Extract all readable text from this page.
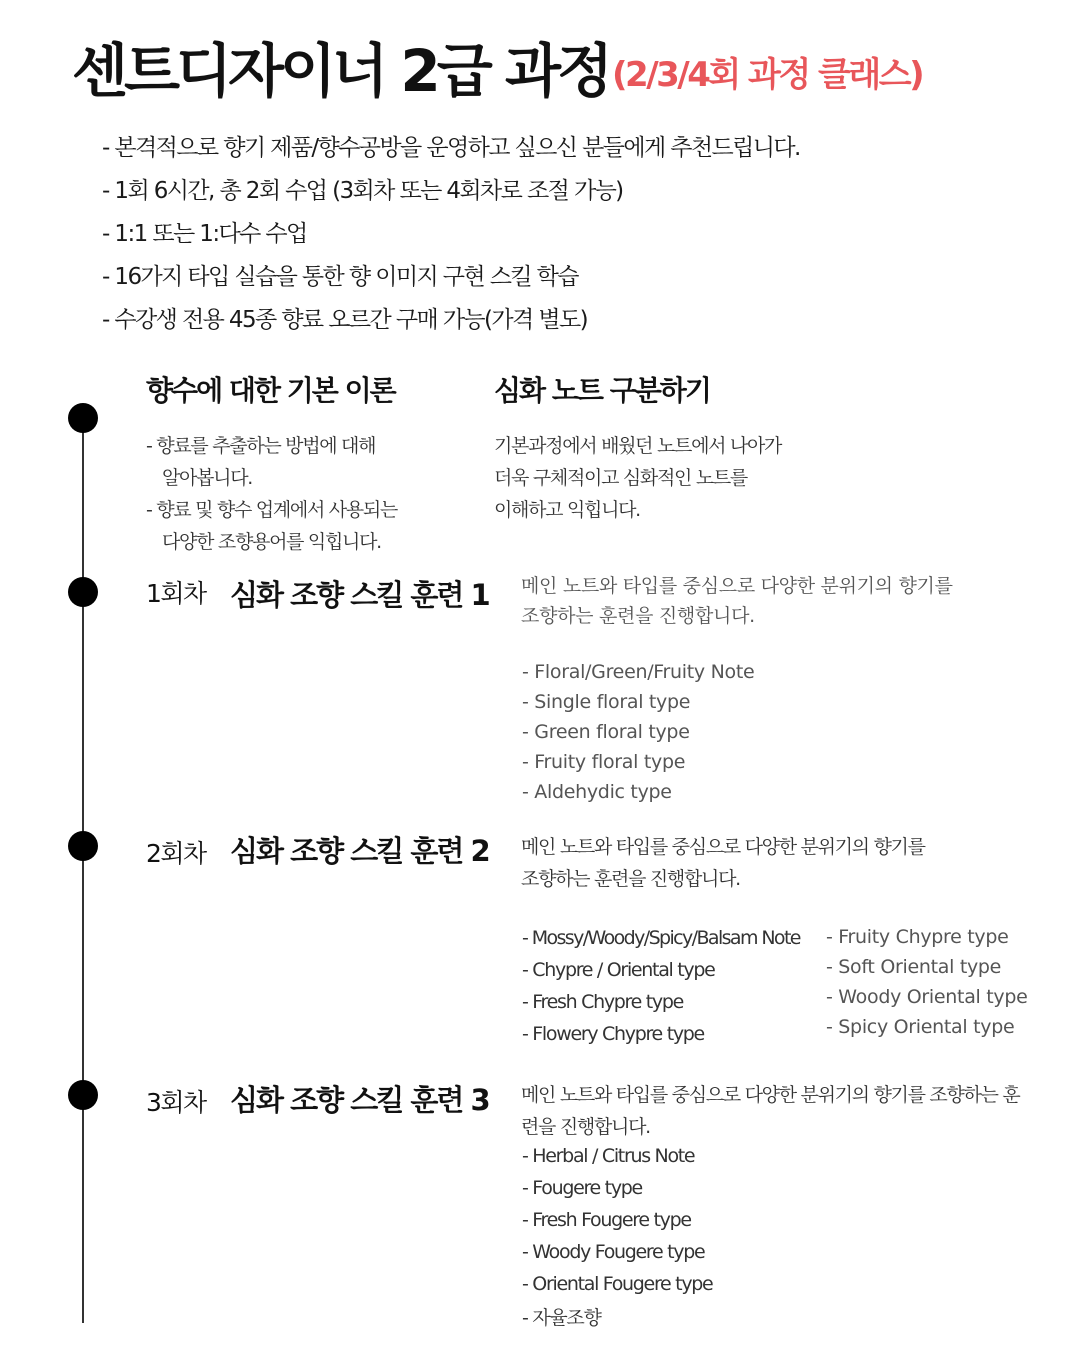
센트디자이너 2급 과정 (2/3/4회 과정 클래스)
- 본격적으로 향기 제품/향수공방을 운영하고 싶으신 분들에게 추천드립니다.
- 1회 6시간, 총 2회 수업 (3회차 또는 4회차로 조절 가능)
- 1:1 또는 1:다수 수업
- 16가지 타입 실습을 통한 향 이미지 구현 스킬 학습
- 수강생 전용 45종 향료 오르간 구매 가능(가격 별도)
향수에 대한 기본 이론
- 향료를 추출하는 방법에 대해
알아봅니다.
- 향료 및 향수 업계에서 사용되는
다양한 조향용어를 익힙니다.
심화 노트 구분하기
기본과정에서 배웠던 노트에서 나아가
더욱 구체적이고 심화적인 노트를
이해하고 익힙니다.
1회차 심화 조향 스킬 훈련 1 메인 노트와 타입를 중심으로 다양한 분위기의 향기를
조향하는 훈련을 진행합니다.
- Floral/Green/Fruity Note
- Single floral type
- Green floral type
- Fruity floral type
- Aldehydic type
2회차 심화 조향 스킬 훈련 2 메인 노트와 타입를 중심으로 다양한 분위기의 향기를
조향하는 훈련을 진행합니다.
- Mossy/Woody/Spicy/Balsam Note
- Chypre / Oriental type
- Fresh Chypre type
- Flowery Chypre type
- Fruity Chypre type
- Soft Oriental type
- Woody Oriental type
- Spicy Oriental type
3회차 심화 조향 스킬 훈련 3 메인 노트와 타입를 중심으로 다양한 분위기의 향기를 조향하는 훈
련을 진행합니다.
- Herbal / Citrus Note
- Fougere type
- Fresh Fougere type
- Woody Fougere type
- Oriental Fougere type
- 자율조향
